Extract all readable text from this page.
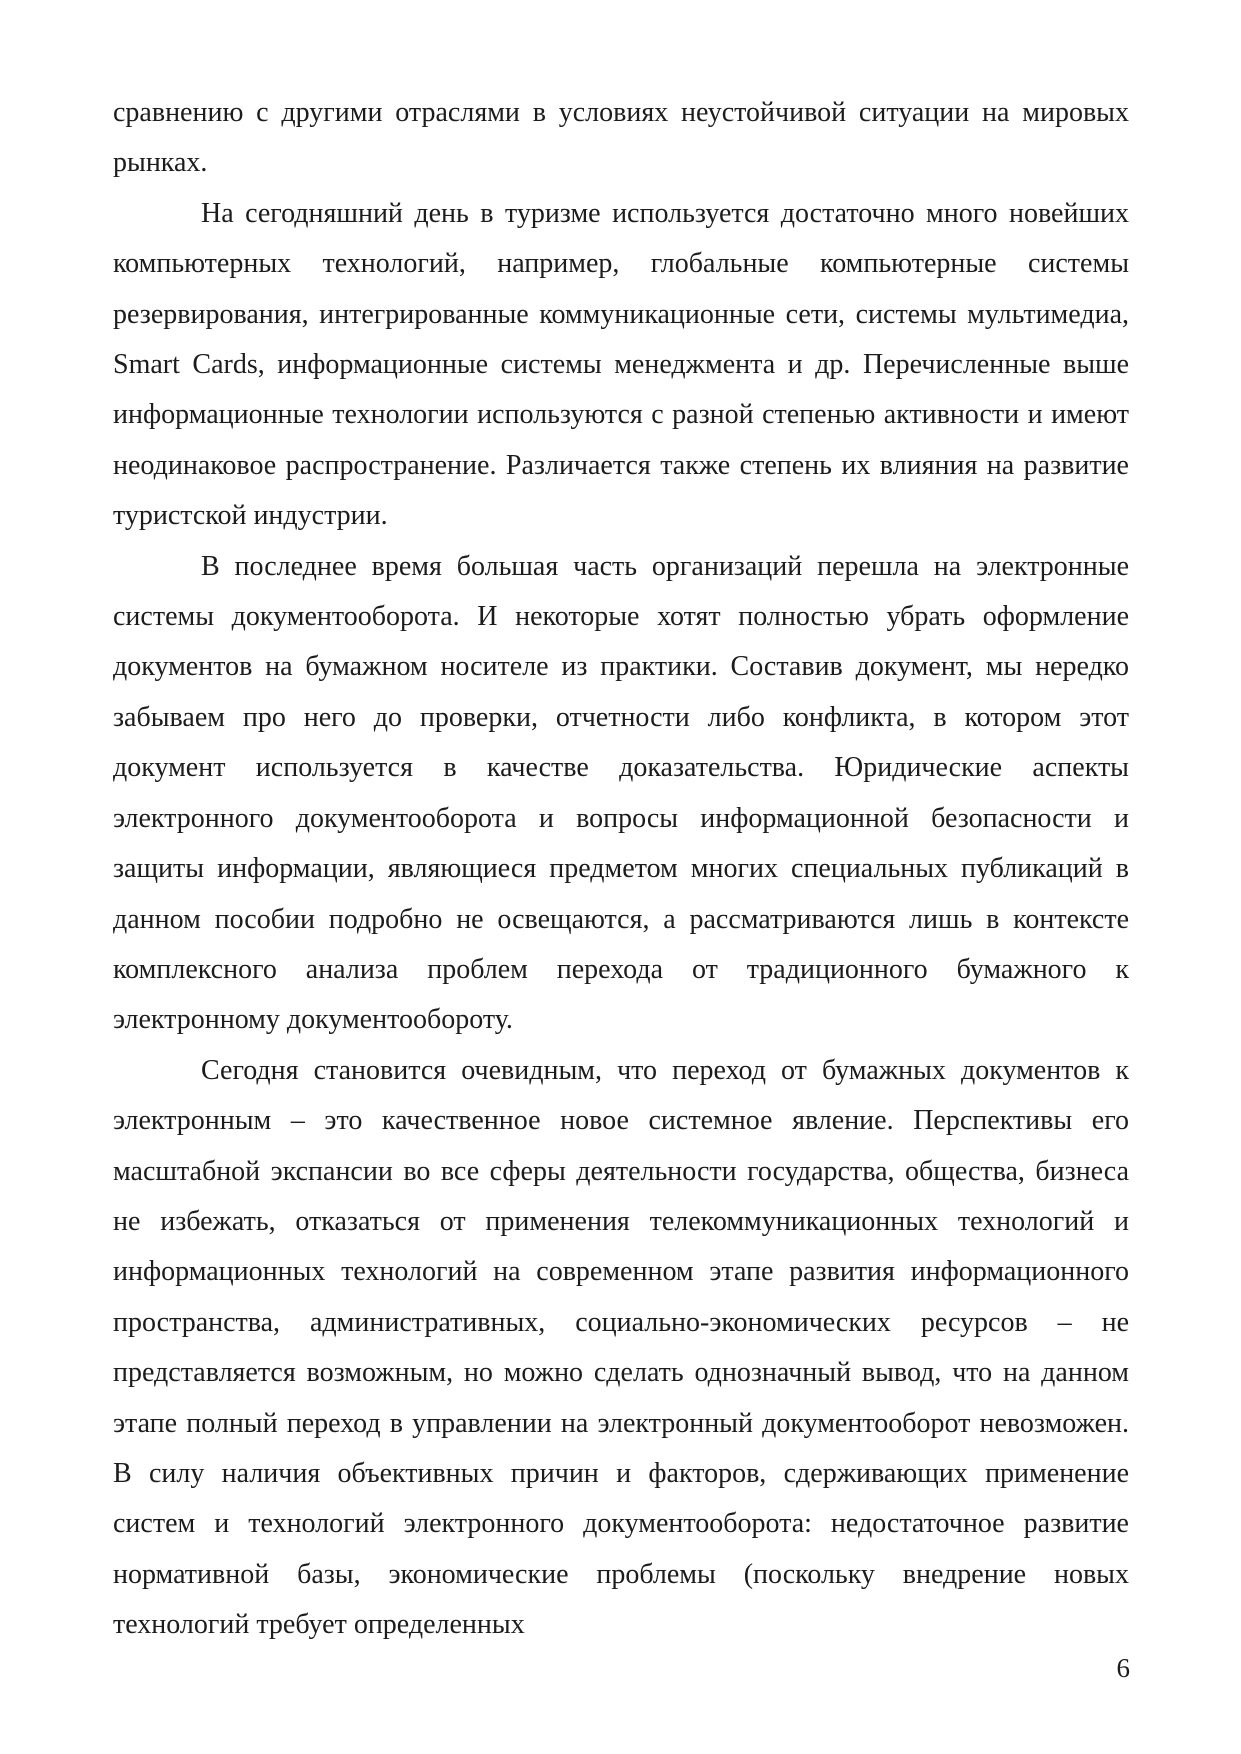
сравнению с другими отраслями в условиях неустойчивой ситуации на мировых рынках.

На сегодняшний день в туризме используется достаточно много новейших компьютерных технологий, например, глобальные компьютерные системы резервирования, интегрированные коммуникационные сети, системы мультимедиа, Smart Cards, информационные системы менеджмента и др. Перечисленные выше информационные технологии используются с разной степенью активности и имеют неодинаковое распространение. Различается также степень их влияния на развитие туристской индустрии.

В последнее время большая часть организаций перешла на электронные системы документооборота. И некоторые хотят полностью убрать оформление документов на бумажном носителе из практики. Составив документ, мы нередко забываем про него до проверки, отчетности либо конфликта, в котором этот документ используется в качестве доказательства. Юридические аспекты электронного документооборота и вопросы информационной безопасности и защиты информации, являющиеся предметом многих специальных публикаций в данном пособии подробно не освещаются, а рассматриваются лишь в контексте комплексного анализа проблем перехода от традиционного бумажного к электронному документообороту.

Сегодня становится очевидным, что переход от бумажных документов к электронным – это качественное новое системное явление. Перспективы его масштабной экспансии во все сферы деятельности государства, общества, бизнеса не избежать, отказаться от применения телекоммуникационных технологий и информационных технологий на современном этапе развития информационного пространства, административных, социально-экономических ресурсов – не представляется возможным, но можно сделать однозначный вывод, что на данном этапе полный переход в управлении на электронный документооборот невозможен. В силу наличия объективных причин и факторов, сдерживающих применение систем и технологий электронного документооборота: недостаточное развитие нормативной базы, экономические проблемы (поскольку внедрение новых технологий требует определенных

6
